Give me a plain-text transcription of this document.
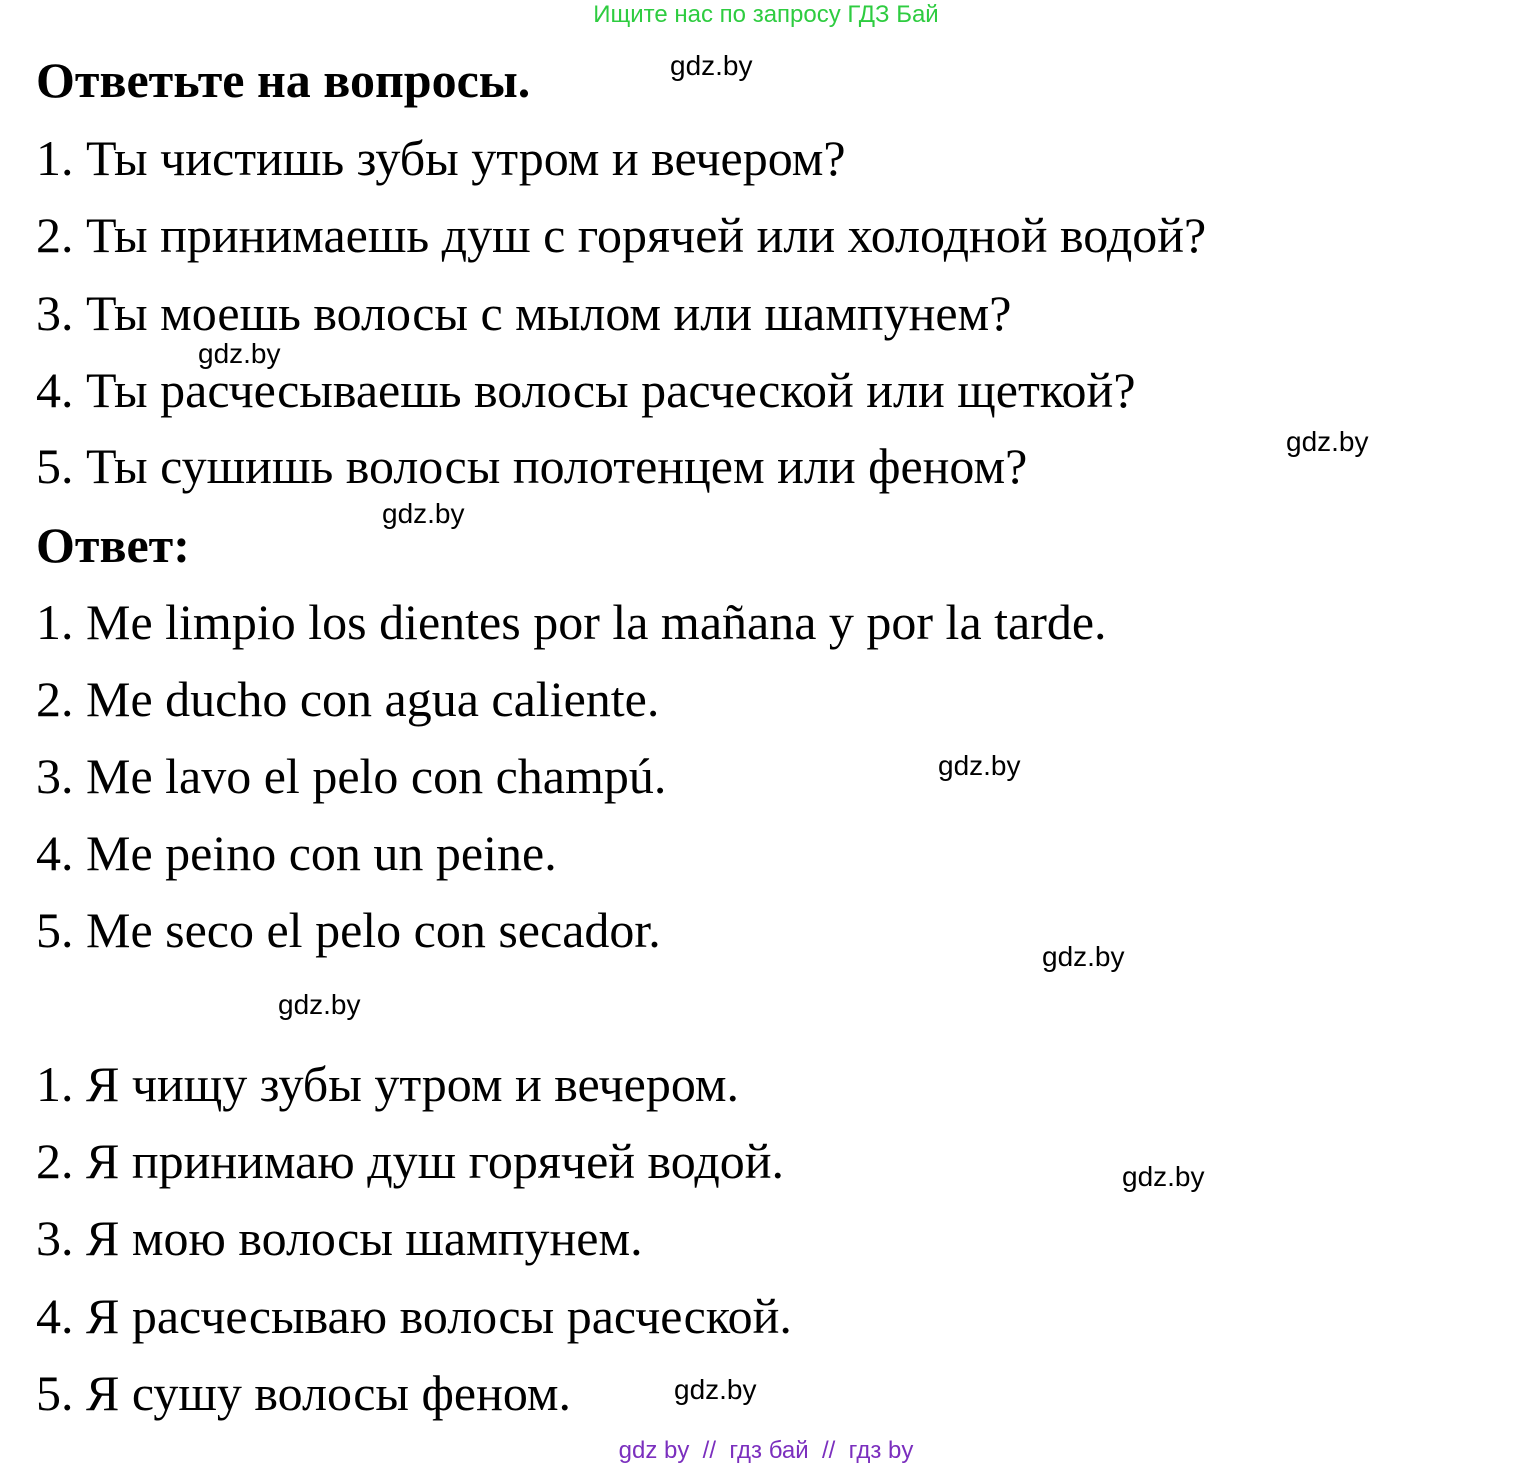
Ищите нас по запросу ГДЗ Бай
Ответьте на вопросы.
1. Ты чистишь зубы утром и вечером?
2. Ты принимаешь душ с горячей или холодной водой?
3. Ты моешь волосы с мылом или шампунем?
4. Ты расчесываешь волосы расческой или щеткой?
5. Ты сушишь волосы полотенцем или феном?
Ответ:
1. Me limpio los dientes por la mañana y por la tarde.
2. Me ducho con agua caliente.
3. Me lavo el pelo con champú.
4. Me peino con un peine.
5. Me seco el pelo con secador.
1. Я чищу зубы утром и вечером.
2. Я принимаю душ горячей водой.
3. Я мою волосы шампунем.
4. Я расчесываю волосы расческой.
5. Я сушу волосы феном.
gdz.by
gdz.by
gdz.by
gdz.by
gdz.by
gdz.by
gdz.by
gdz.by
gdz.by
gdz by  //  гдз бай  //  гдз by
